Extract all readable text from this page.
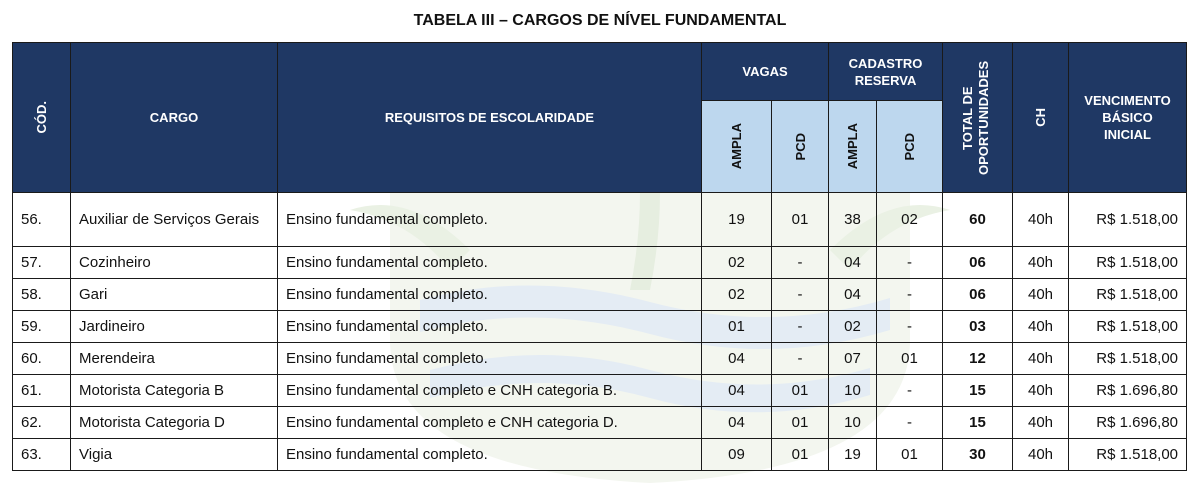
TABELA III – CARGOS DE NÍVEL FUNDAMENTAL
CÓD.	CARGO	REQUISITOS DE ESCOLARIDADE	VAGAS		CADASTRO RESERVA		TOTAL DE OPORTUNIDADES	CH	VENCIMENTO BÁSICO INICIAL

			AMPLA	PCD	AMPLA	PCD			

56.	Auxiliar de Serviços Gerais	Ensino fundamental completo.	19	01	38	02	60	40h	R$ 1.518,00
57.	Cozinheiro	Ensino fundamental completo.	02	-	04	-	06	40h	R$ 1.518,00
58.	Gari	Ensino fundamental completo.	02	-	04	-	06	40h	R$ 1.518,00
59.	Jardineiro	Ensino fundamental completo.	01	-	02	-	03	40h	R$ 1.518,00
60.	Merendeira	Ensino fundamental completo.	04	-	07	01	12	40h	R$ 1.518,00
61.	Motorista Categoria B	Ensino fundamental completo e CNH categoria B.	04	01	10	-	15	40h	R$ 1.696,80
62.	Motorista Categoria D	Ensino fundamental completo e CNH categoria D.	04	01	10	-	15	40h	R$ 1.696,80
63.	Vigia	Ensino fundamental completo.	09	01	19	01	30	40h	R$ 1.518,00
